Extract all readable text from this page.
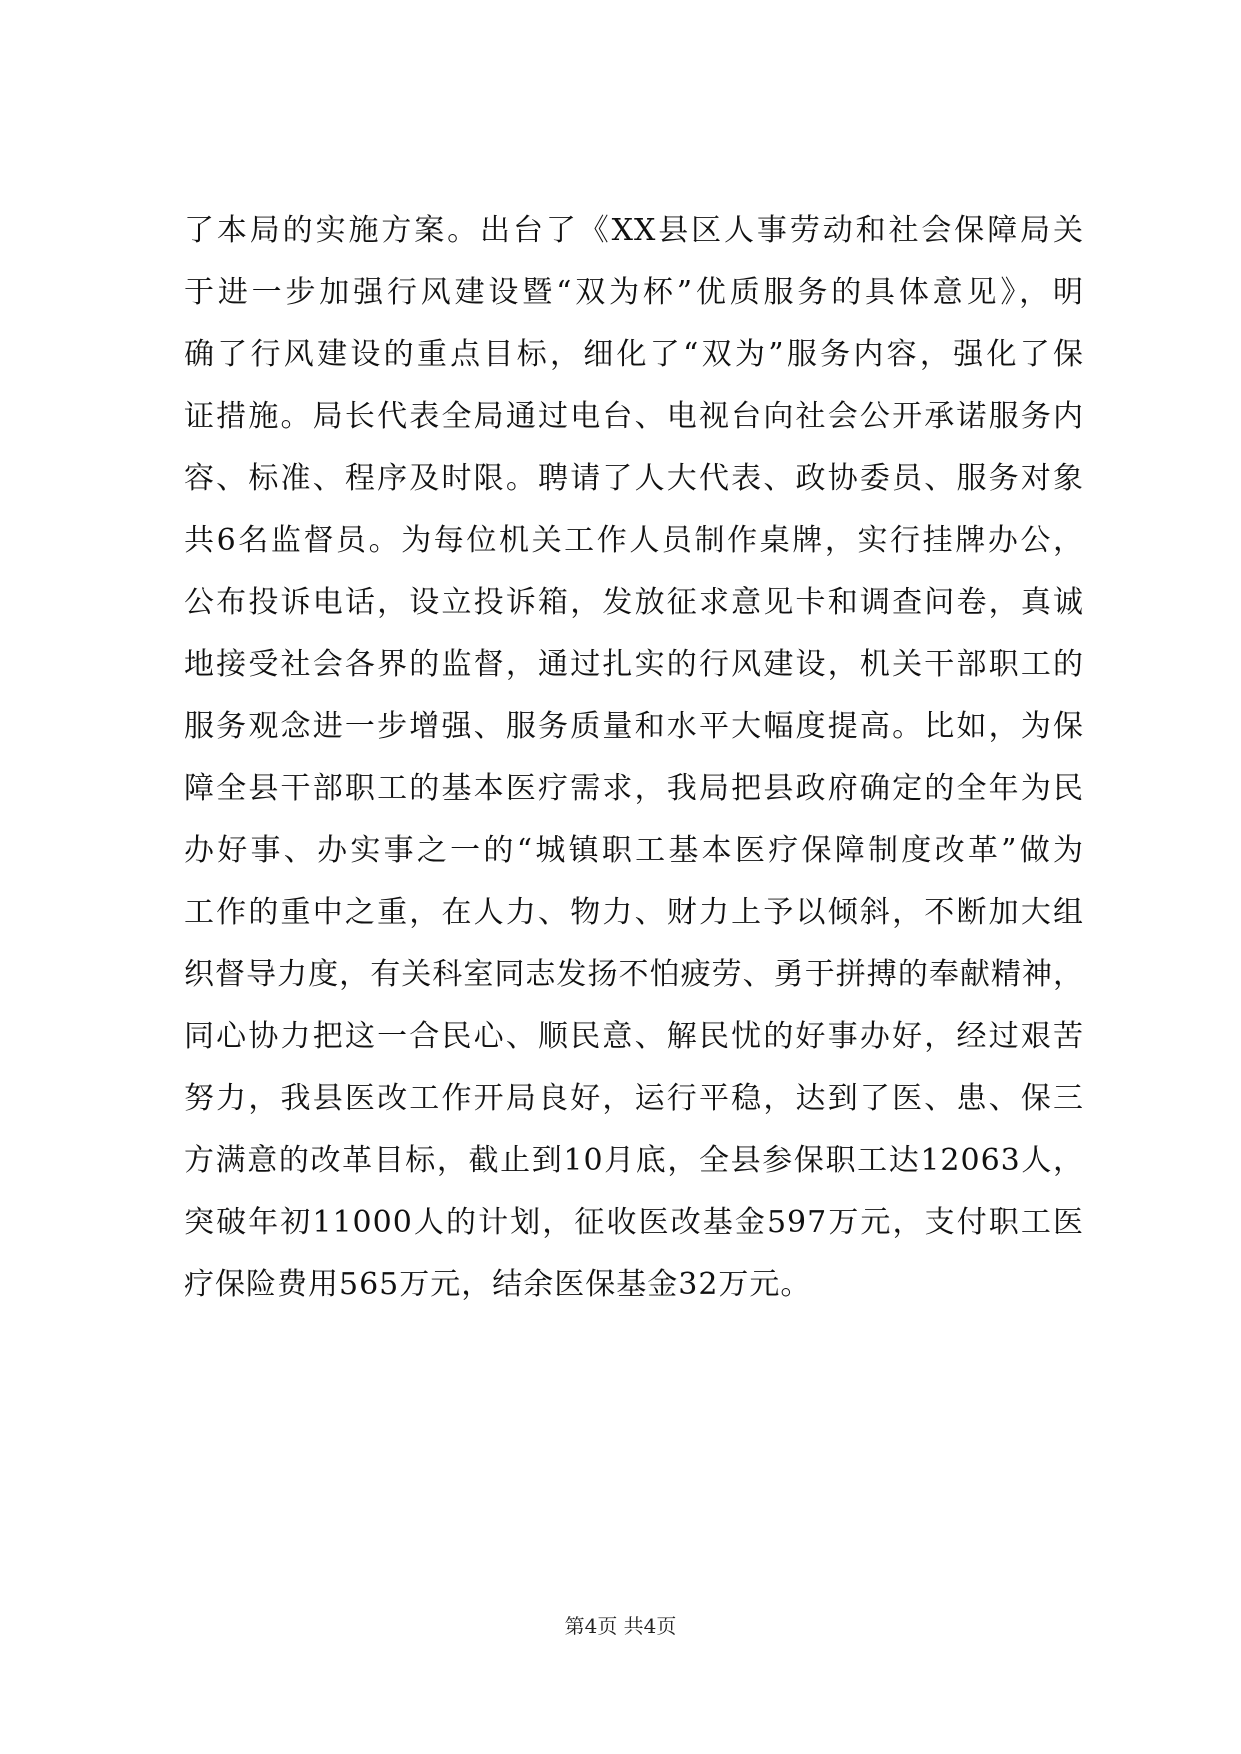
了本局的实施方案。出台了《XX县区人事劳动和社会保障局关
于进一步加强行风建设暨“双为杯”优质服务的具体意见》，明
确了行风建设的重点目标，细化了“双为”服务内容，强化了保
证措施。局长代表全局通过电台、电视台向社会公开承诺服务内
容、标准、程序及时限。聘请了人大代表、政协委员、服务对象
共6名监督员。为每位机关工作人员制作桌牌，实行挂牌办公，
公布投诉电话，设立投诉箱，发放征求意见卡和调查问卷，真诚
地接受社会各界的监督，通过扎实的行风建设，机关干部职工的
服务观念进一步增强、服务质量和水平大幅度提高。比如，为保
障全县干部职工的基本医疗需求，我局把县政府确定的全年为民
办好事、办实事之一的“城镇职工基本医疗保障制度改革”做为
工作的重中之重，在人力、物力、财力上予以倾斜，不断加大组
织督导力度，有关科室同志发扬不怕疲劳、勇于拼搏的奉献精神，
同心协力把这一合民心、顺民意、解民忧的好事办好，经过艰苦
努力，我县医改工作开局良好，运行平稳，达到了医、患、保三
方满意的改革目标，截止到10月底，全县参保职工达12063人，
突破年初11000人的计划，征收医改基金597万元，支付职工医
疗保险费用565万元，结余医保基金32万元。
第4页 共4页
